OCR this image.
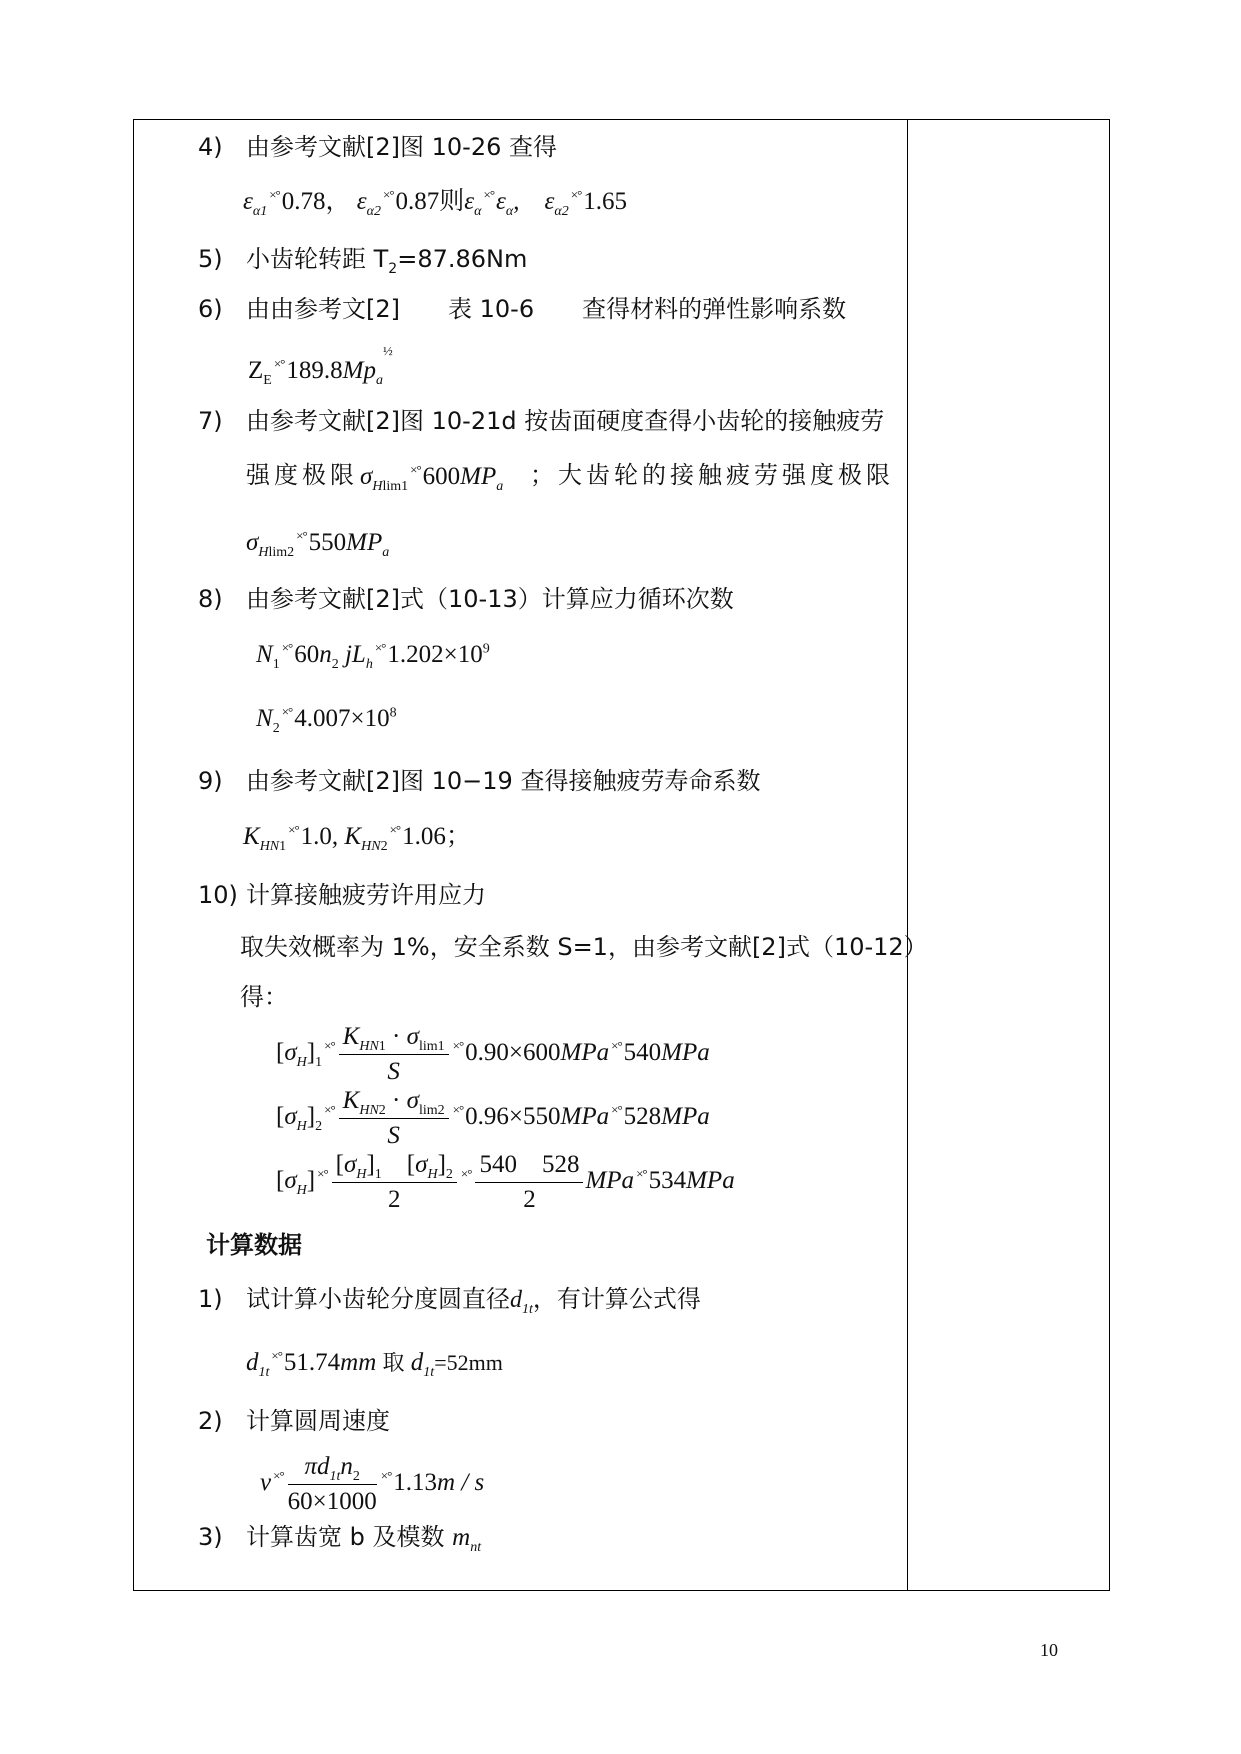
4) 由参考文献[2]图 10-26 查得
$\varepsilon_{\alpha 1}^{\times^\circ}0.78$， $\varepsilon_{\alpha 2}^{\times^\circ}0.87$则$\varepsilon_\alpha^{\times^\circ}\varepsilon_\alpha$,　$\varepsilon_{\alpha 2}^{\times^\circ}1.65$
5) 小齿轮转距 $T_2=87.86Nm$
6) 由由参考文[2]　　表 10-6　　查得材料的弹性影响系数
$Z_E^{\times^\circ}189.8Mp_a^{\frac{1}{2}}$
7) 由参考文献[2]图 10-21d 按齿面硬度查得小齿轮的接触疲劳
强度极限 $\sigma_{Hlim1}^{\times^\circ}600MP_a$ ；大齿轮的接触疲劳强度极限
$\sigma_{Hlim2}^{\times^\circ}550MP_a$
8) 由参考文献[2]式（10-13）计算应力循环次数
$N_1^{\times^\circ}60n_2$ $jL_h^{\times^\circ}1.202\times 10^9$
$N_2^{\times^\circ}4.007\times 10^8$
9) 由参考文献[2]图 10−19 查得接触疲劳寿命系数
$K_{HN1}^{\times^\circ}1.0$, $K_{HN2}^{\times^\circ}1.06$；
10) 计算接触疲劳许用应力
取失效概率为 1%，安全系数 S=1，由参考文献[2]式（10-12）
得：
$[\sigma_H]_1^{\times^\circ} \frac{K_{HN1} \cdot \sigma_{lim1}}{S} ^{\times^\circ}0.90\times 600MPa$ ×°540MPa
$[\sigma_H]_2^{\times^\circ} \frac{K_{HN2} \cdot \sigma_{lim2}}{S} ^{\times^\circ}0.96\times 550MPa$ ×°528MPa
$[\sigma_H]$ $^{\times^\circ} \frac{[\sigma_H]_1 [\sigma_H]_2}{2} ^{\times^\circ} \frac{540 528}{2}$ MPa ×°534MPa
计算数据
1) 试计算小齿轮分度圆直径$d_{1t}$，有计算公式得
$d_{1t}^{\times^\circ}51.74mm$ 取 $d_{1t}=52mm$
2) 计算圆周速度
v $^{\times^\circ} \frac{\pi d_{1t}n_2}{60\times 1000} ^{\times^\circ}1.13m$ / s
3) 计算齿宽 b 及模数 $m_{nt}$
10
